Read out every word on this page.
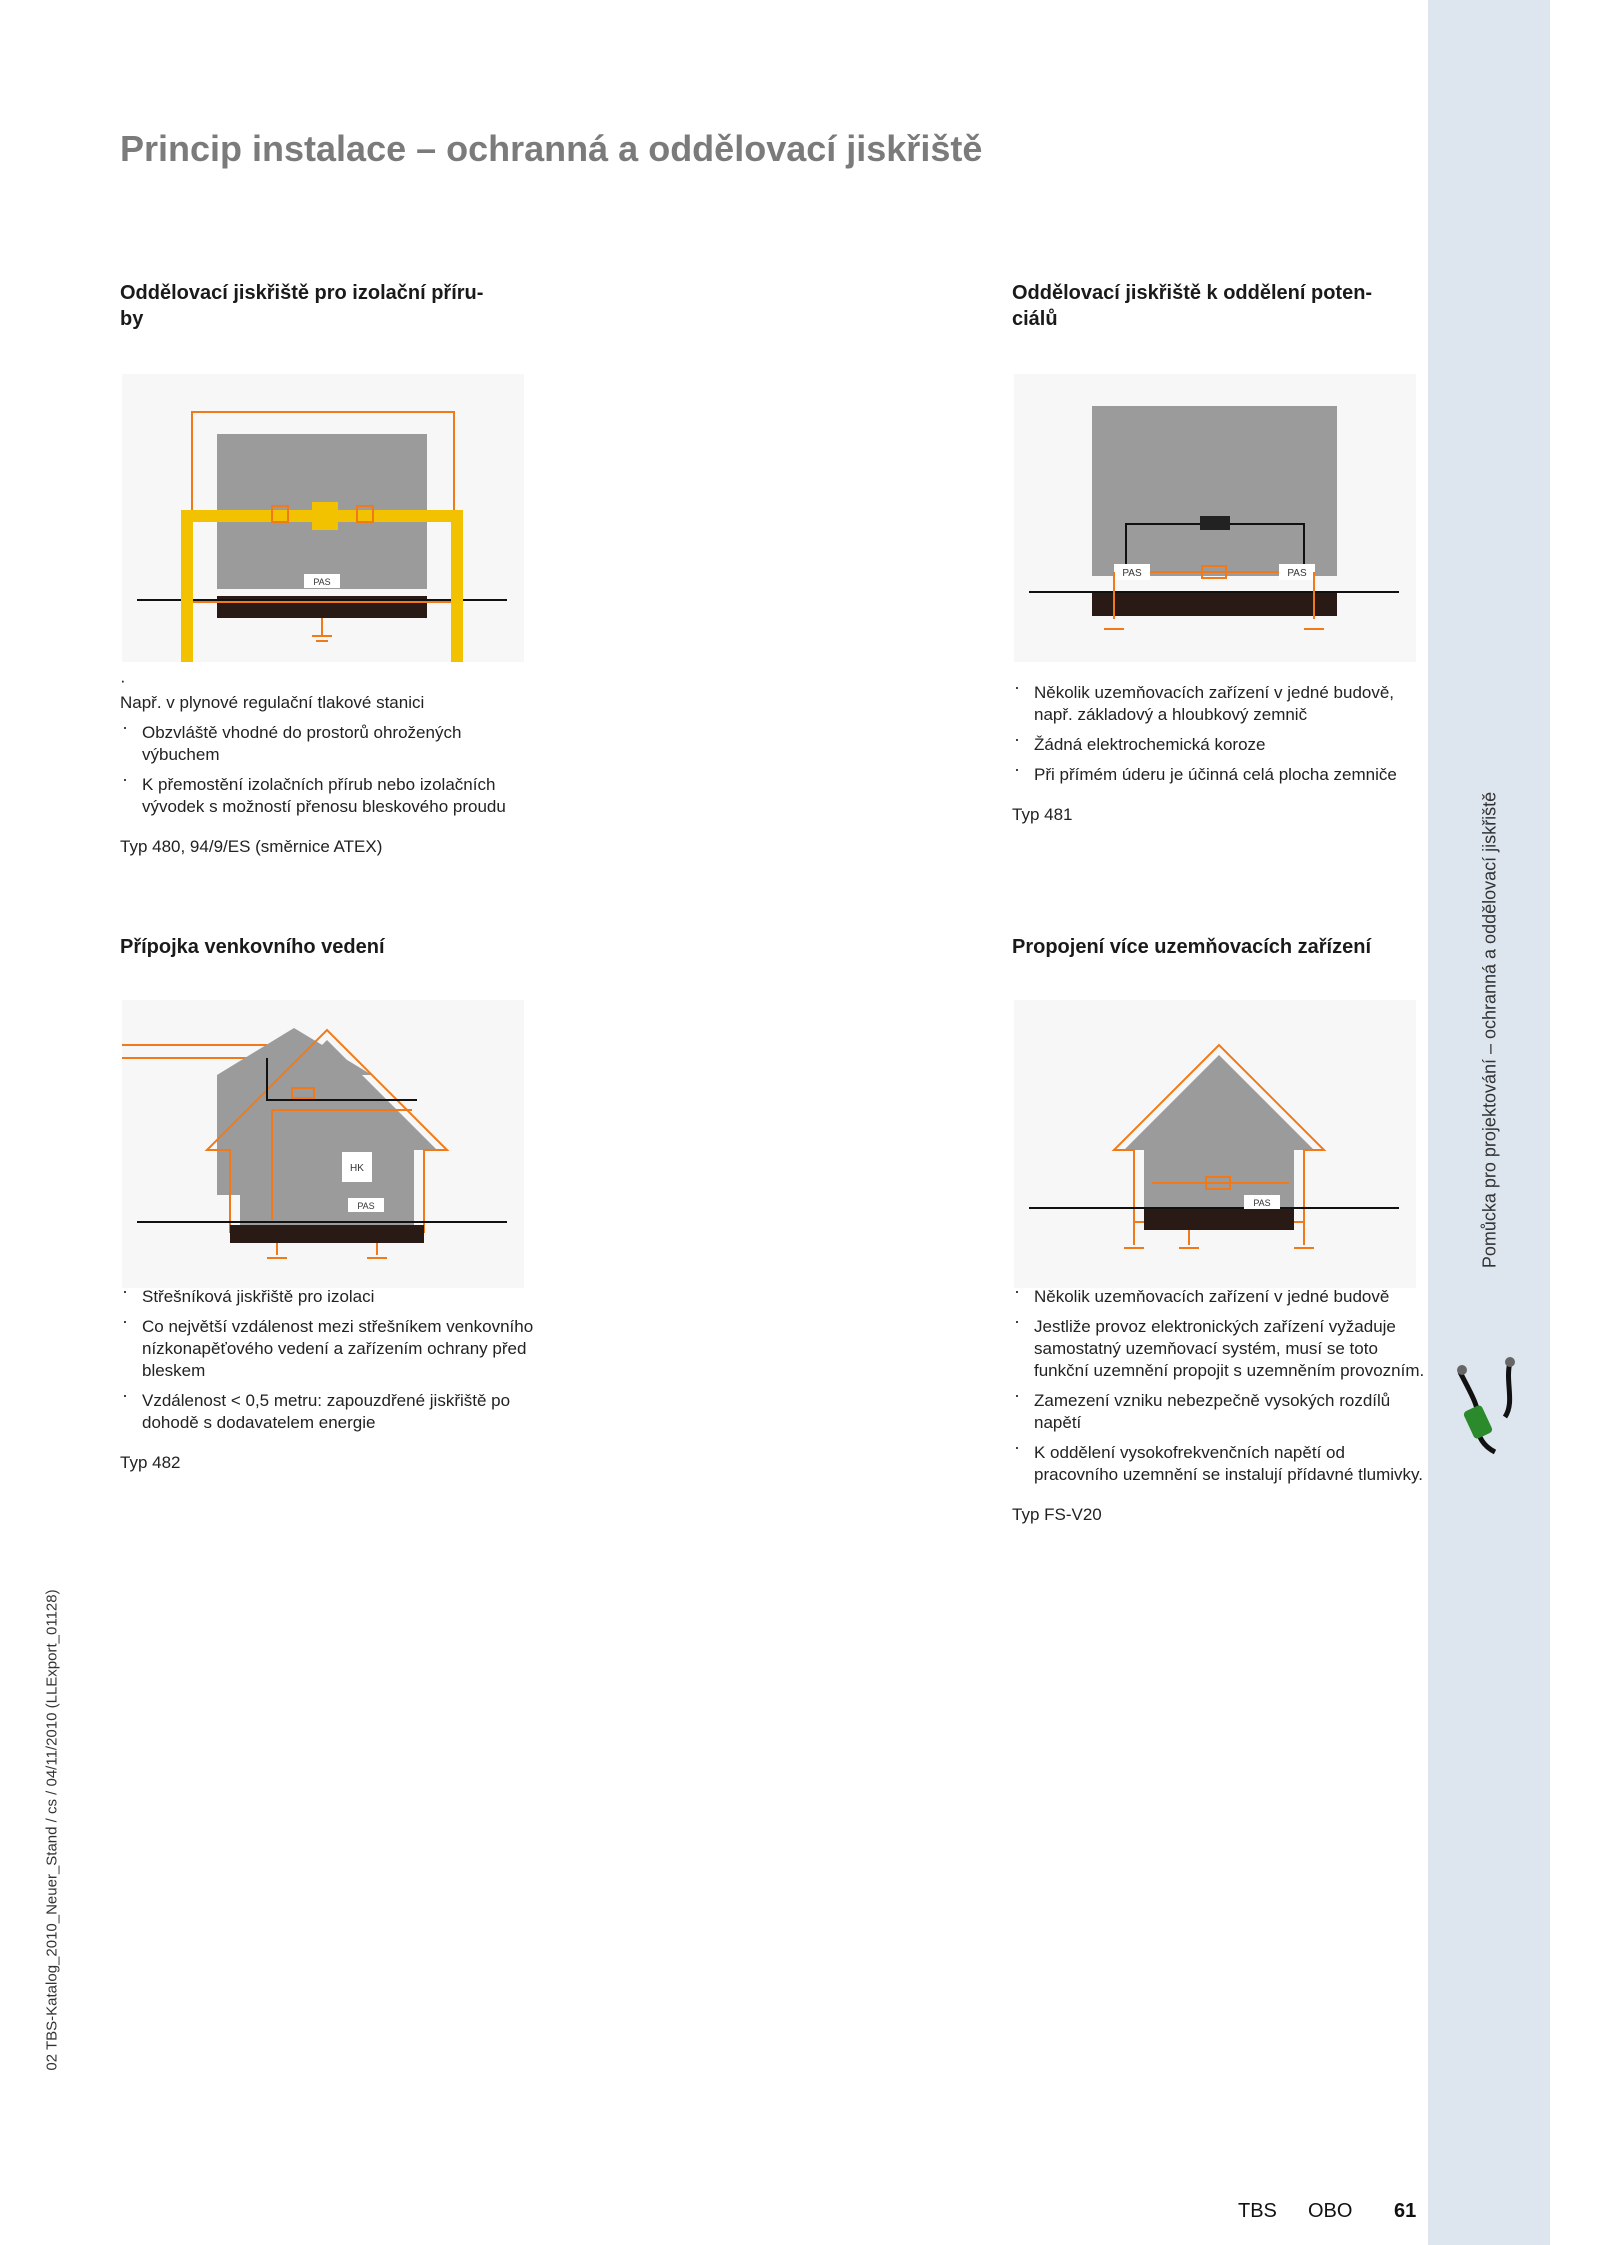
Pomůcka pro projektování – ochranná a oddělovací jiskřiště
Princip instalace – ochranná a oddělovací jiskřiště
Oddělovací jiskřiště pro izolační příru-
by
PAS
·
Např. v plynové regulační tlakové stanici
· Obzvláště vhodné do prostorů ohrožených výbuchem
· K přemostění izolačních přírub nebo izolačních vývodek s možností přenosu bleskového proudu
Typ 480, 94/9/ES (směrnice ATEX)
Oddělovací jiskřiště k oddělení poten-
ciálů
PAS	PAS
· Několik uzemňovacích zařízení v jedné budově, např. základový a hloubkový zemnič
· Žádná elektrochemická koroze
· Při přímém úderu je účinná celá plocha zemniče
Typ 481
Přípojka venkovního vedení
HK
PAS
· Střešníková jiskřiště pro izolaci
· Co největší vzdálenost mezi střešníkem venkovního nízkonapěťového vedení a zařízením ochrany před bleskem
· Vzdálenost < 0,5 metru: zapouzdřené jiskřiště po dohodě s dodavatelem energie
Typ 482
Propojení více uzemňovacích zařízení
PAS
· Několik uzemňovacích zařízení v jedné budově
· Jestliže provoz elektronických zařízení vyžaduje samostatný uzemňovací systém, musí se toto funkční uzemnění propojit s uzemněním provozním.
· Zamezení vzniku nebezpečně vysokých rozdílů napětí
· K oddělení vysokofrekvenčních napětí od pracovního uzemnění se instalují přídavné tlumivky.
Typ FS-V20
02 TBS-Katalog_2010_Neuer_Stand / cs / 04/11/2010 (LLExport_01128)
TBS OBO 61
